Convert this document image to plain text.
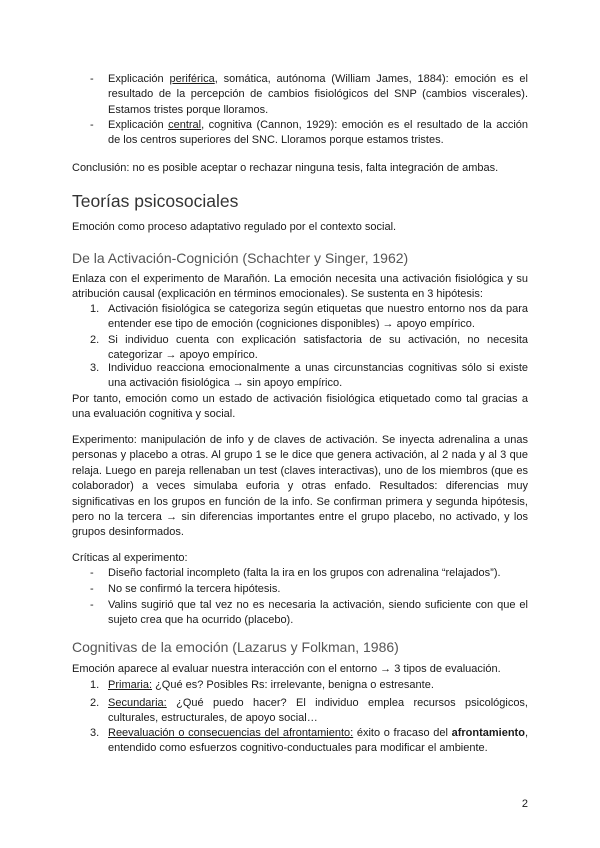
- Explicación periférica, somática, autónoma (William James, 1884): emoción es el resultado de la percepción de cambios fisiológicos del SNP (cambios viscerales). Estamos tristes porque lloramos.
- Explicación central, cognitiva (Cannon, 1929): emoción es el resultado de la acción de los centros superiores del SNC. Lloramos porque estamos tristes.
Conclusión: no es posible aceptar o rechazar ninguna tesis, falta integración de ambas.
Teorías psicosociales
Emoción como proceso adaptativo regulado por el contexto social.
De la Activación-Cognición (Schachter y Singer, 1962)
Enlaza con el experimento de Marañón. La emoción necesita una activación fisiológica y su atribución causal (explicación en términos emocionales). Se sustenta en 3 hipótesis:
1. Activación fisiológica se categoriza según etiquetas que nuestro entorno nos da para entender ese tipo de emoción (cogniciones disponibles) → apoyo empírico.
2. Si individuo cuenta con explicación satisfactoria de su activación, no necesita categorizar → apoyo empírico.
3. Individuo reacciona emocionalmente a unas circunstancias cognitivas sólo si existe una activación fisiológica → sin apoyo empírico.
Por tanto, emoción como un estado de activación fisiológica etiquetado como tal gracias a una evaluación cognitiva y social.
Experimento: manipulación de info y de claves de activación. Se inyecta adrenalina a unas personas y placebo a otras. Al grupo 1 se le dice que genera activación, al 2 nada y al 3 que relaja. Luego en pareja rellenaban un test (claves interactivas), uno de los miembros (que es colaborador) a veces simulaba euforia y otras enfado. Resultados: diferencias muy significativas en los grupos en función de la info. Se confirman primera y segunda hipótesis, pero no la tercera → sin diferencias importantes entre el grupo placebo, no activado, y los grupos desinformados.
Críticas al experimento:
- Diseño factorial incompleto (falta la ira en los grupos con adrenalina “relajados”).
- No se confirmó la tercera hipótesis.
- Valins sugirió que tal vez no es necesaria la activación, siendo suficiente con que el sujeto crea que ha ocurrido (placebo).
Cognitivas de la emoción (Lazarus y Folkman, 1986)
Emoción aparece al evaluar nuestra interacción con el entorno → 3 tipos de evaluación.
1. Primaria: ¿Qué es? Posibles Rs: irrelevante, benigna o estresante.
2. Secundaria: ¿Qué puedo hacer? El individuo emplea recursos psicológicos, culturales, estructurales, de apoyo social…
3. Reevaluación o consecuencias del afrontamiento: éxito o fracaso del afrontamiento, entendido como esfuerzos cognitivo-conductuales para modificar el ambiente.
2
